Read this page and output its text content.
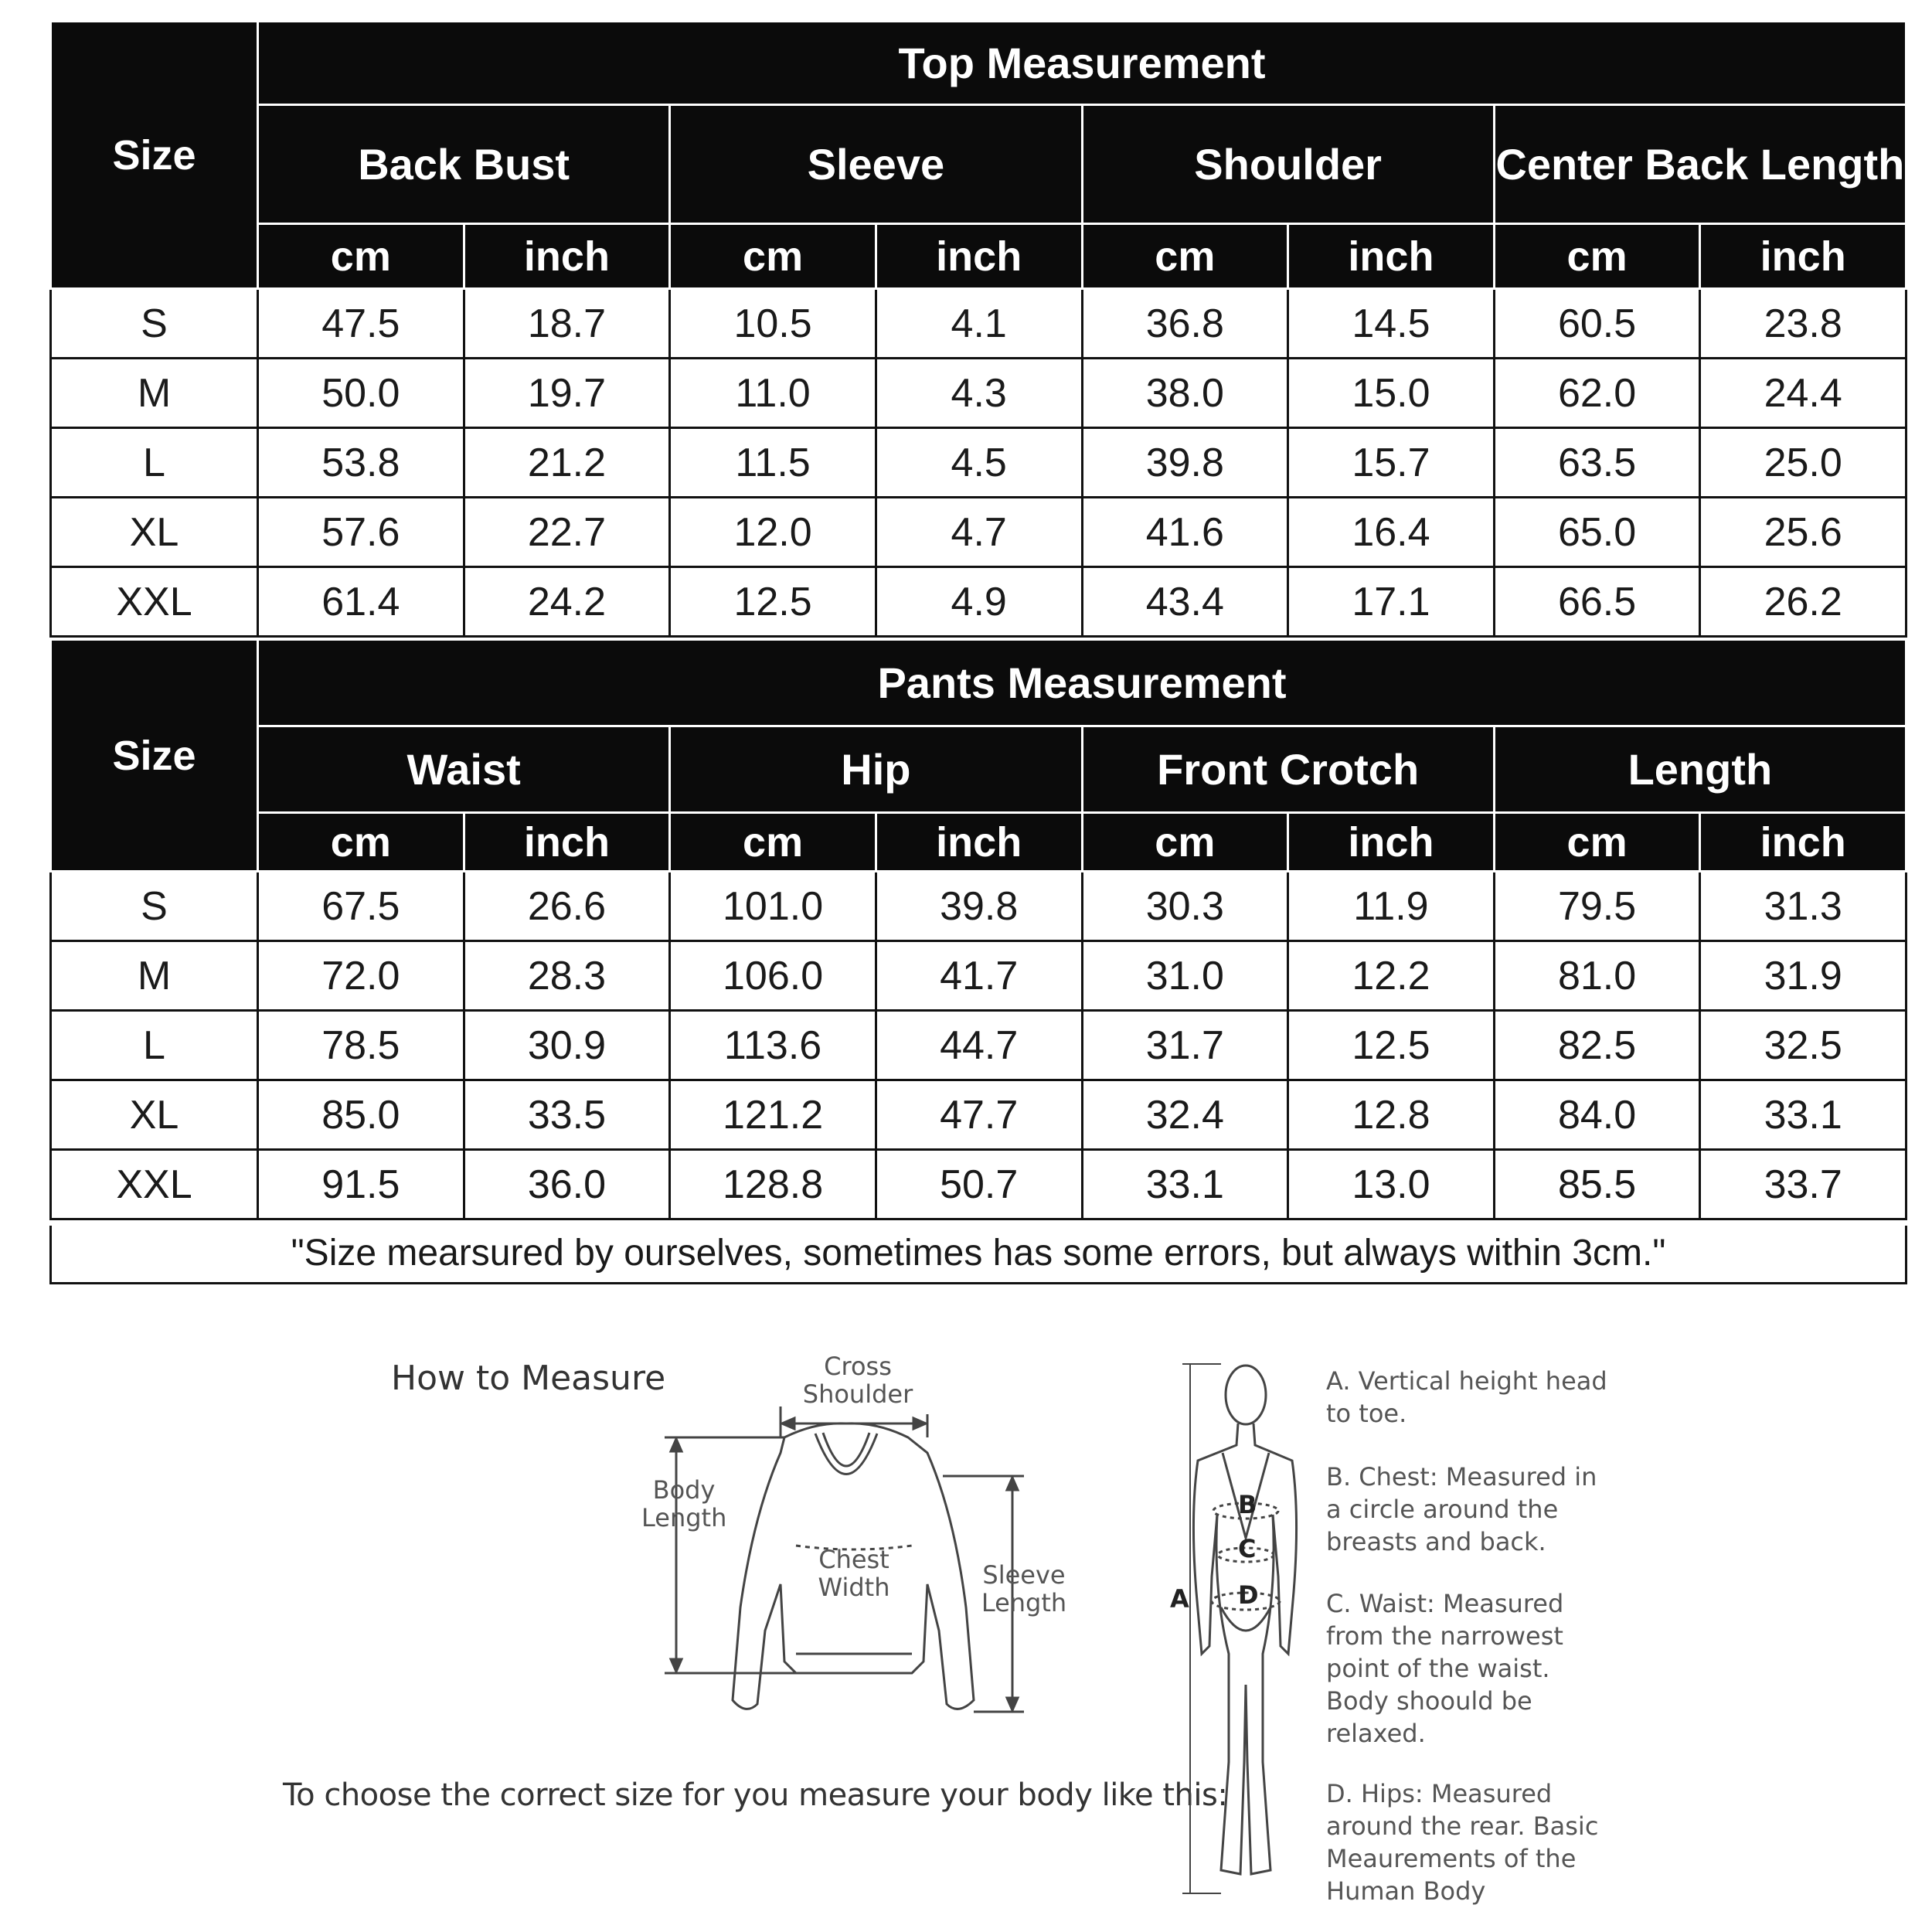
Size	Top Measurement							
	Back Bust		Sleeve		Shoulder		Center Back Length	
	cm	inch	cm	inch	cm	inch	cm	inch
S	47.5	18.7	10.5	4.1	36.8	14.5	60.5	23.8
M	50.0	19.7	11.0	4.3	38.0	15.0	62.0	24.4
L	53.8	21.2	11.5	4.5	39.8	15.7	63.5	25.0
XL	57.6	22.7	12.0	4.7	41.6	16.4	65.0	25.6
XXL	61.4	24.2	12.5	4.9	43.4	17.1	66.5	26.2
Size	Pants Measurement							
	Waist		Hip		Front Crotch		Length	
	cm	inch	cm	inch	cm	inch	cm	inch
S	67.5	26.6	101.0	39.8	30.3	11.9	79.5	31.3
M	72.0	28.3	106.0	41.7	31.0	12.2	81.0	31.9
L	78.5	30.9	113.6	44.7	31.7	12.5	82.5	32.5
XL	85.0	33.5	121.2	47.7	32.4	12.8	84.0	33.1
XXL	91.5	36.0	128.8	50.7	33.1	13.0	85.5	33.7
"Size mearsured by ourselves, sometimes has some errors, but always within 3cm."
How to Measure	Cross Shoulder
Body Length
Chest Width	Sleeve Length
To choose the correct size for you measure your body like this:
A
B
C
D
A. Vertical height head to toe.
B. Chest: Measured in a circle around the breasts and back.
C. Waist: Measured from the narrowest point of the waist. Body shoould be relaxed.
D. Hips: Measured around the rear. Basic Meaurements of the Human Body
